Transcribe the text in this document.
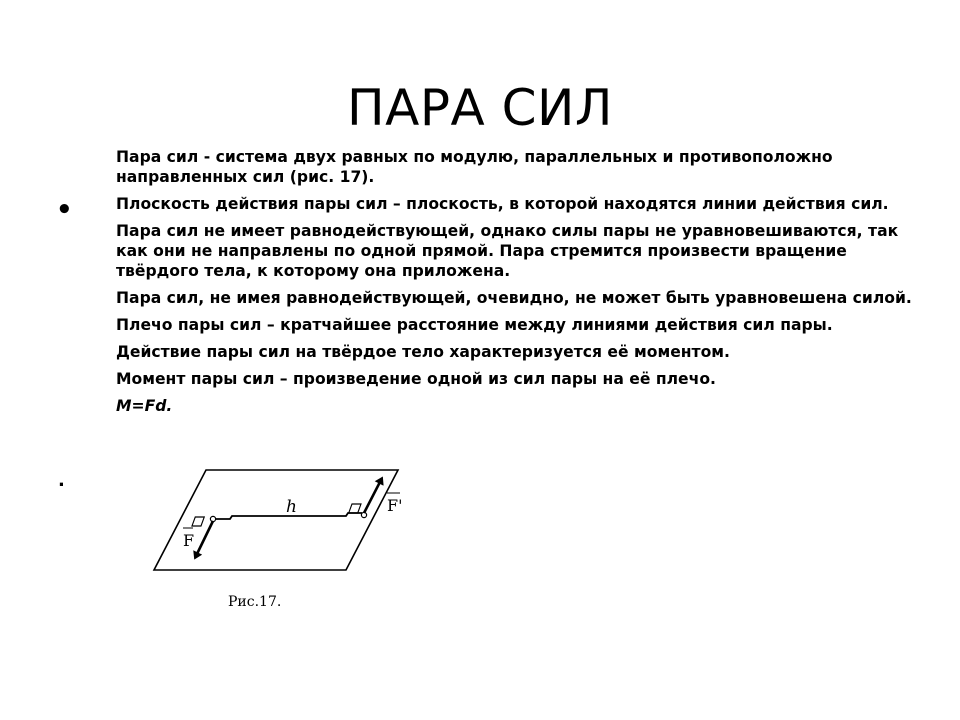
ПАРА СИЛ
•

Пара сил - система двух равных по модулю, параллельных и противоположно направленных сил (рис. 17).

Плоскость действия пары сил – плоскость, в которой находятся линии действия сил.

Пара сил не имеет равнодействующей, однако силы пары не уравновешиваются, так как они не направлены по одной прямой. Пара стремится произвести вращение твёрдого тела, к которому она приложена.

Пара сил, не имея равнодействующей, очевидно, не может быть уравновешена силой.

Плечо пары сил – кратчайшее расстояние между линиями действия сил пары.

Действие пары сил на твёрдое тело характеризуется её моментом.

Момент пары сил – произведение одной из сил пары на её плечо.

M=Fd.

.
h
F
F'
Рис.17.
